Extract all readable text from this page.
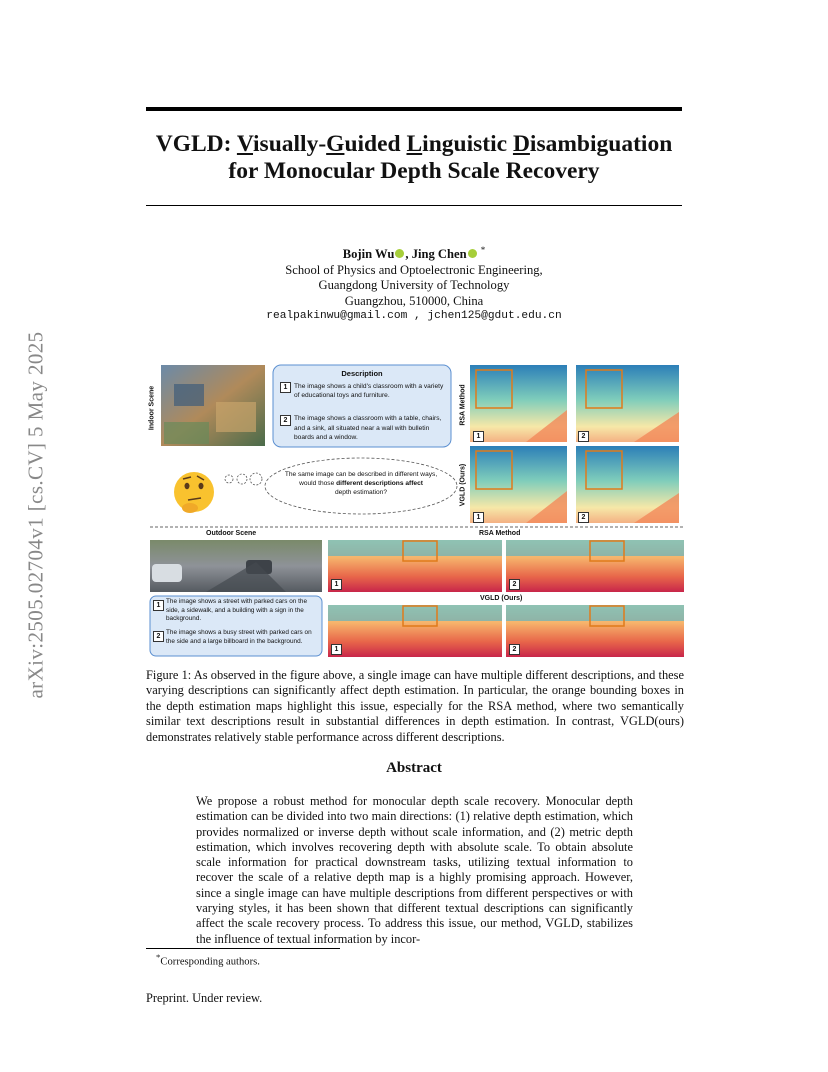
arXiv:2505.02704v1 [cs.CV] 5 May 2025
VGLD: Visually-Guided Linguistic Disambiguation
for Monocular Depth Scale Recovery
Bojin Wu , Jing Chen *
School of Physics and Optoelectronic Engineering,
Guangdong University of Technology
Guangzhou, 510000, China
realpakinwu@gmail.com , jchen125@gdut.edu.cn
Indoor Scene
Description
1 The image shows a child's classroom with a variety of educational toys and furniture.
2 The image shows a classroom with a table, chairs, and a sink, all situated near a wall with bulletin boards and a window.
The same image can be described in different ways,
would those different descriptions affect
depth estimation?
RSA Method
VGLD (Ours)
1	2
1	2
Outdoor Scene	RSA Method
VGLD (Ours)
1	2
1	2
1
The image shows a street with parked cars on the side, a sidewalk, and a building with a sign in the background.
2
The image shows a busy street with parked cars on the side and a large billboard in the background.
Figure 1: As observed in the figure above, a single image can have multiple different descriptions, and these varying descriptions can significantly affect depth estimation. In particular, the orange bounding boxes in the depth estimation maps highlight this issue, especially for the RSA method, where two semantically similar text descriptions result in substantial differences in depth estimation. In contrast, VGLD(ours) demonstrates relatively stable performance across different descriptions.
Abstract
We propose a robust method for monocular depth scale recovery. Monocular depth estimation can be divided into two main directions: (1) relative depth estimation, which provides normalized or inverse depth without scale information, and (2) metric depth estimation, which involves recovering depth with absolute scale. To obtain absolute scale information for practical downstream tasks, utilizing textual information to recover the scale of a relative depth map is a highly promising approach. However, since a single image can have multiple descriptions from different perspectives or with varying styles, it has been shown that different textual descriptions can significantly affect the scale recovery process. To address this issue, our method, VGLD, stabilizes the influence of textual information by incor-
*Corresponding authors.
Preprint. Under review.
